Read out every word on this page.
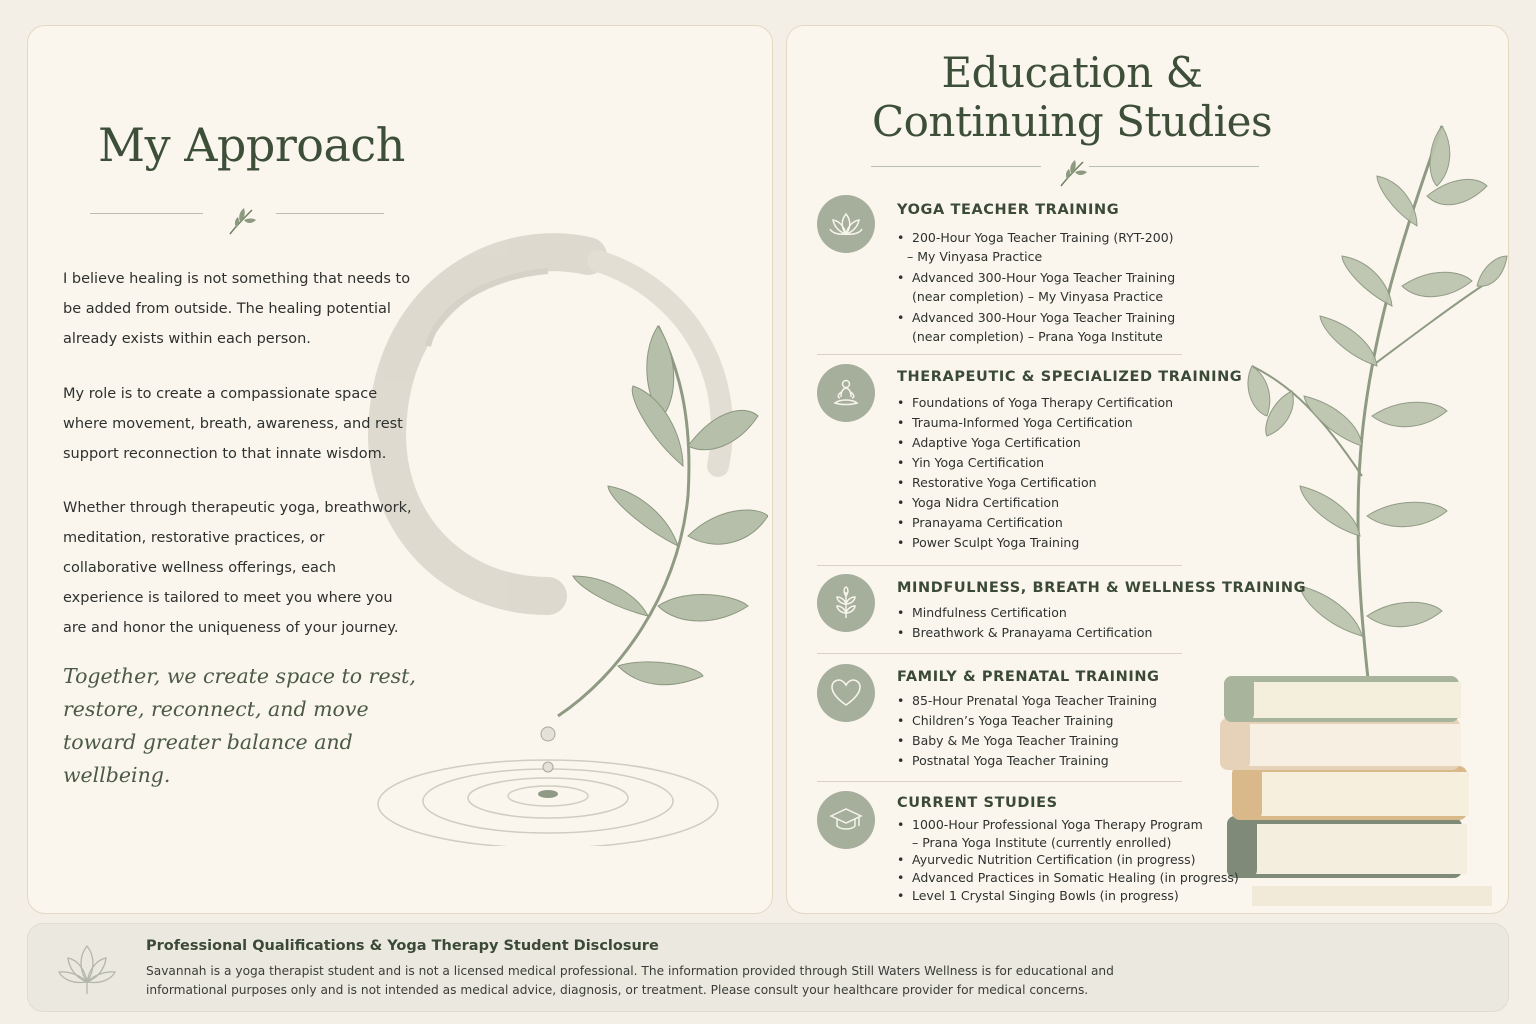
My Approach
I believe healing is not something that needs to be added from outside. The healing potential already exists within each person.
My role is to create a compassionate space where movement, breath, awareness, and rest support reconnection to that innate wisdom.
Whether through therapeutic yoga, breathwork, meditation, restorative practices, or collaborative wellness offerings, each experience is tailored to meet you where you are and honor the uniqueness of your journey.
Together, we create space to rest, restore, reconnect, and move toward greater balance and wellbeing.
Education &
Continuing Studies
YOGA TEACHER TRAINING
• 200-Hour Yoga Teacher Training (RYT-200)
– My Vinyasa Practice
• Advanced 300-Hour Yoga Teacher Training
(near completion) – My Vinyasa Practice
• Advanced 300-Hour Yoga Teacher Training
(near completion) – Prana Yoga Institute
THERAPEUTIC & SPECIALIZED TRAINING
• Foundations of Yoga Therapy Certification
• Trauma-Informed Yoga Certification
• Adaptive Yoga Certification
• Yin Yoga Certification
• Restorative Yoga Certification
• Yoga Nidra Certification
• Pranayama Certification
• Power Sculpt Yoga Training
MINDFULNESS, BREATH & WELLNESS TRAINING
• Mindfulness Certification
• Breathwork & Pranayama Certification
FAMILY & PRENATAL TRAINING
• 85-Hour Prenatal Yoga Teacher Training
• Children’s Yoga Teacher Training
• Baby & Me Yoga Teacher Training
• Postnatal Yoga Teacher Training
CURRENT STUDIES
• 1000-Hour Professional Yoga Therapy Program
– Prana Yoga Institute (currently enrolled)
• Ayurvedic Nutrition Certification (in progress)
• Advanced Practices in Somatic Healing (in progress)
• Level 1 Crystal Singing Bowls (in progress)
Professional Qualifications & Yoga Therapy Student Disclosure
Savannah is a yoga therapist student and is not a licensed medical professional. The information provided through Still Waters Wellness is for educational and informational purposes only and is not intended as medical advice, diagnosis, or treatment. Please consult your healthcare provider for medical concerns.
